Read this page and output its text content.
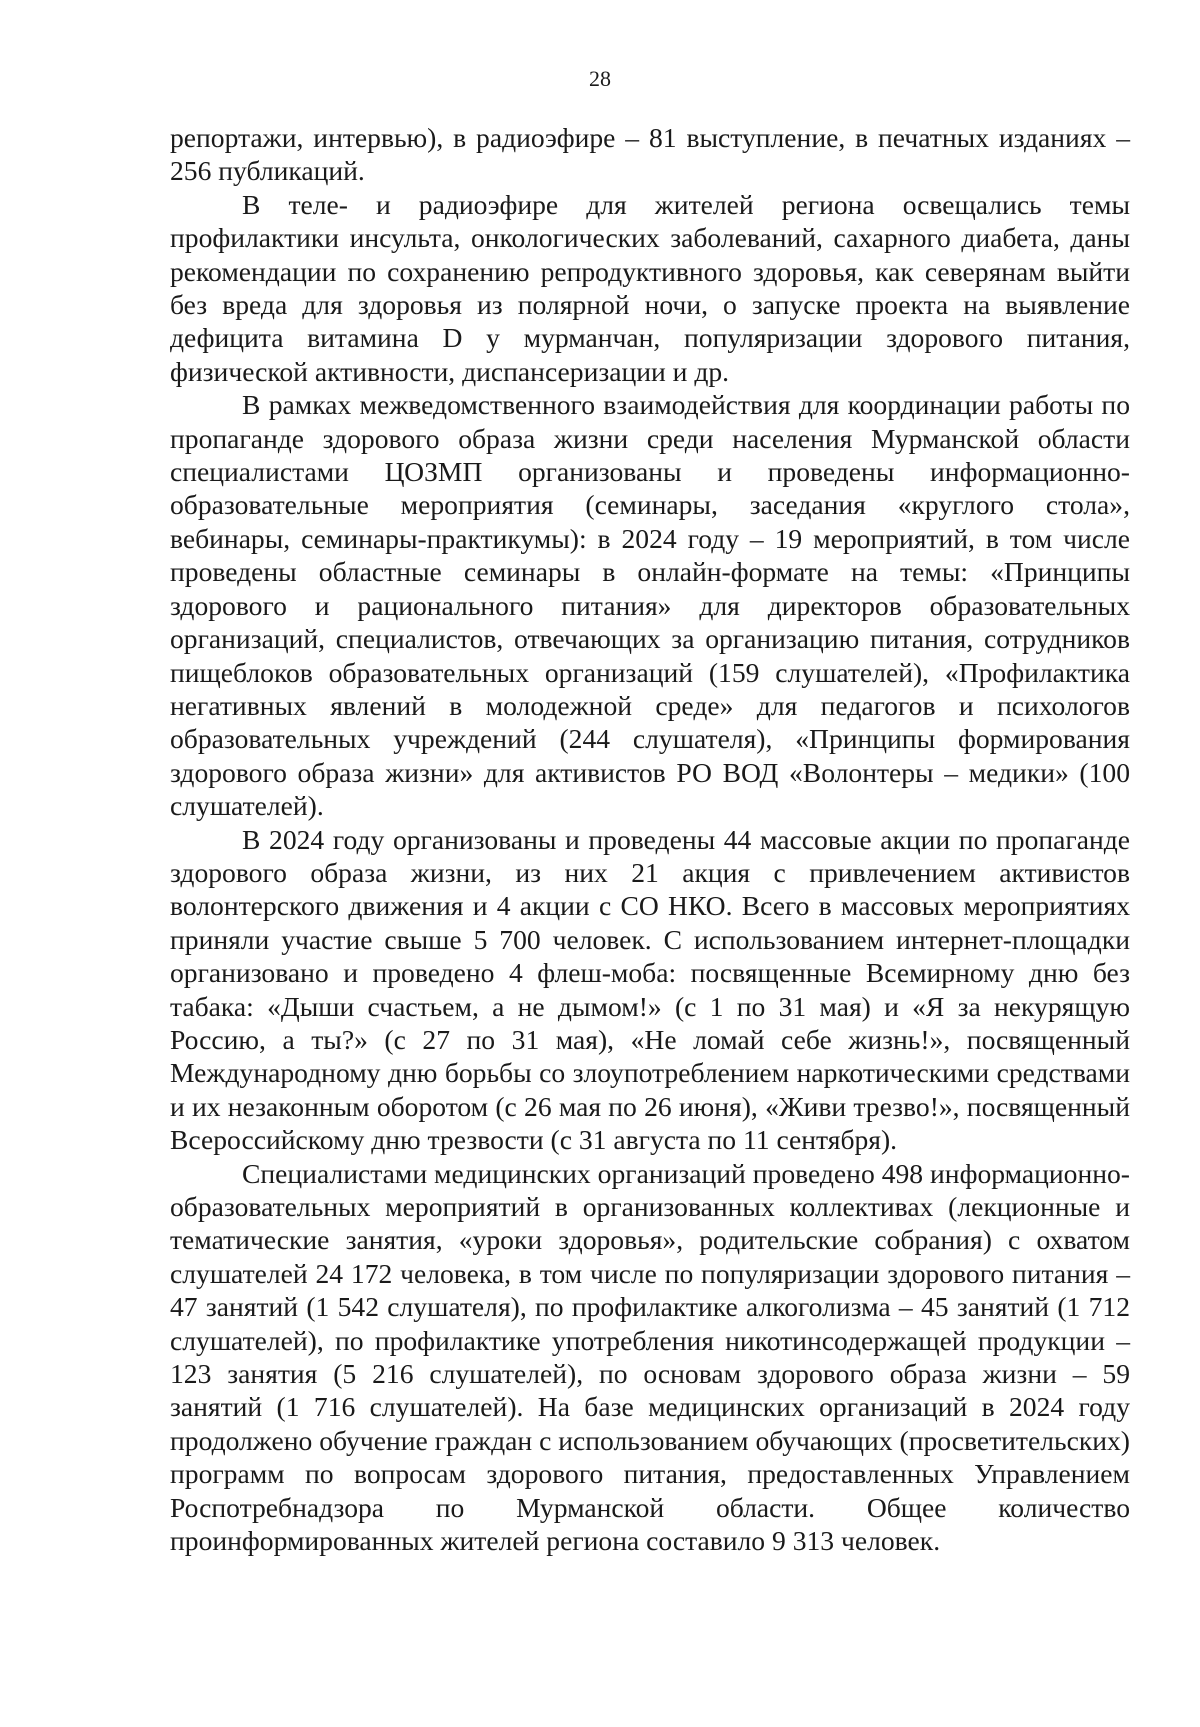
28

репортажи, интервью), в радиоэфире – 81 выступление, в печатных изданиях – 256 публикаций.

В теле- и радиоэфире для жителей региона освещались темы профилактики инсульта, онкологических заболеваний, сахарного диабета, даны рекомендации по сохранению репродуктивного здоровья, как северянам выйти без вреда для здоровья из полярной ночи, о запуске проекта на выявление дефицита витамина D у мурманчан, популяризации здорового питания, физической активности, диспансеризации и др.

В рамках межведомственного взаимодействия для координации работы по пропаганде здорового образа жизни среди населения Мурманской области специалистами ЦОЗМП организованы и проведены информационно-образовательные мероприятия (семинары, заседания «круглого стола», вебинары, семинары-практикумы): в 2024 году – 19 мероприятий, в том числе проведены областные семинары в онлайн-формате на темы: «Принципы здорового и рационального питания» для директоров образовательных организаций, специалистов, отвечающих за организацию питания, сотрудников пищеблоков образовательных организаций (159 слушателей), «Профилактика негативных явлений в молодежной среде» для педагогов и психологов образовательных учреждений (244 слушателя), «Принципы формирования здорового образа жизни» для активистов РО ВОД «Волонтеры – медики» (100 слушателей).

В 2024 году организованы и проведены 44 массовые акции по пропаганде здорового образа жизни, из них 21 акция с привлечением активистов волонтерского движения и 4 акции с СО НКО. Всего в массовых мероприятиях приняли участие свыше 5 700 человек. С использованием интернет-площадки организовано и проведено 4 флеш-моба: посвященные Всемирному дню без табака: «Дыши счастьем, а не дымом!» (с 1 по 31 мая) и «Я за некурящую Россию, а ты?» (с 27 по 31 мая), «Не ломай себе жизнь!», посвященный Международному дню борьбы со злоупотреблением наркотическими средствами и их незаконным оборотом (с 26 мая по 26 июня), «Живи трезво!», посвященный Всероссийскому дню трезвости (с 31 августа по 11 сентября).

Специалистами медицинских организаций проведено 498 информационно-образовательных мероприятий в организованных коллективах (лекционные и тематические занятия, «уроки здоровья», родительские собрания) с охватом слушателей 24 172 человека, в том числе по популяризации здорового питания – 47 занятий (1 542 слушателя), по профилактике алкоголизма – 45 занятий (1 712 слушателей), по профилактике употребления никотинсодержащей продукции – 123 занятия (5 216 слушателей), по основам здорового образа жизни – 59 занятий (1 716 слушателей). На базе медицинских организаций в 2024 году продолжено обучение граждан с использованием обучающих (просветительских) программ по вопросам здорового питания, предоставленных Управлением Роспотребнадзора по Мурманской области. Общее количество проинформированных жителей региона составило 9 313 человек.
